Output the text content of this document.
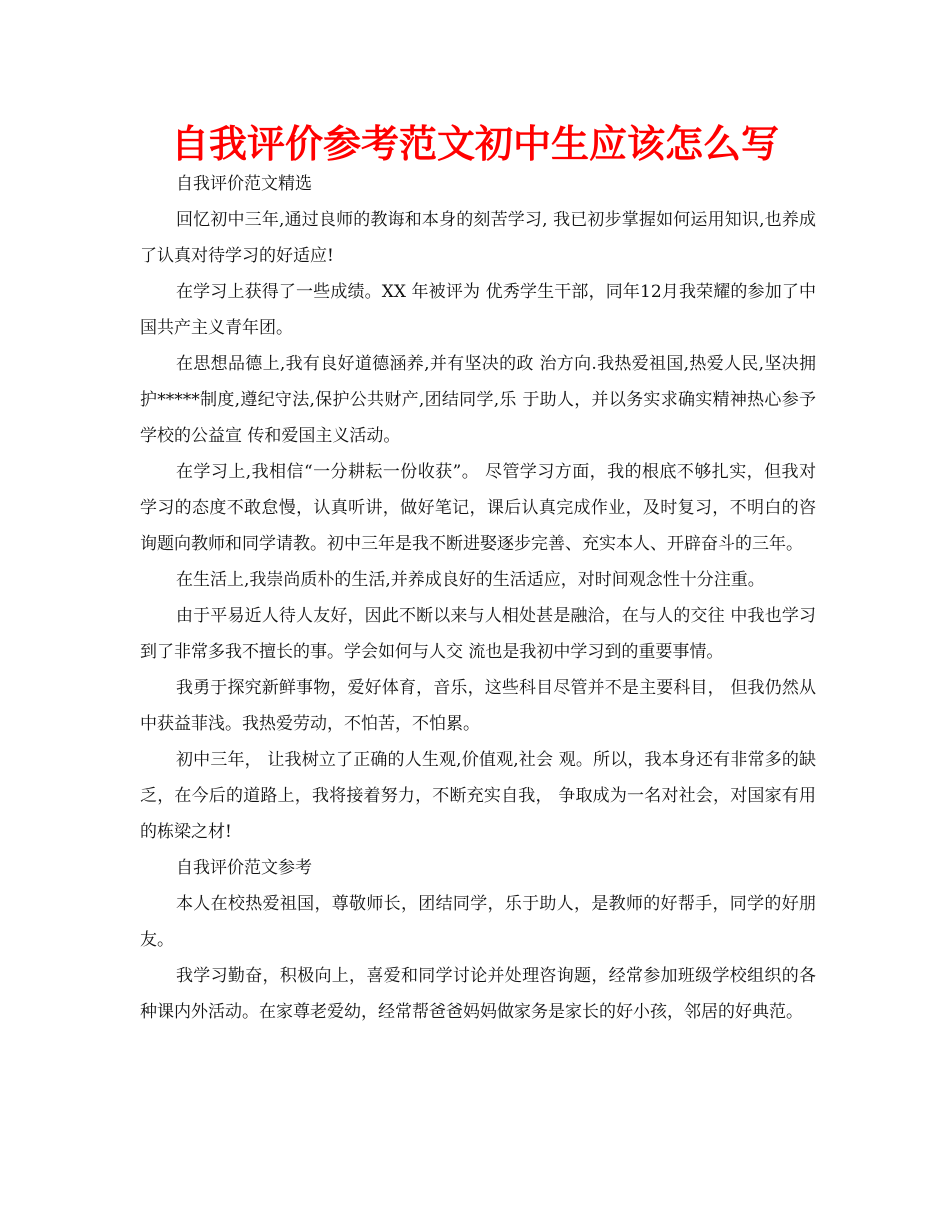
自我评价参考范文初中生应该怎么写

自我评价范文精选

回忆初中三年,通过良师的教诲和本身的刻苦学习, 我已初步掌握如何运用知识,也养成了认真对待学习的好适应!

在学习上获得了一些成绩。XX 年被评为 优秀学生干部，同年12月我荣耀的参加了中国共产主义青年团。

在思想品德上,我有良好道德涵养,并有坚决的政 治方向.我热爱祖国,热爱人民,坚决拥护*****制度,遵纪守法,保护公共财产,团结同学,乐 于助人，并以务实求确实精神热心参予学校的公益宣 传和爱国主义活动。

在学习上,我相信“一分耕耘一份收获”。 尽管学习方面，我的根底不够扎实，但我对学习的态度不敢怠慢，认真听讲，做好笔记，课后认真完成作业，及时复习，不明白的咨询题向教师和同学请教。初中三年是我不断进娶逐步完善、充实本人、开辟奋斗的三年。

在生活上,我崇尚质朴的生活,并养成良好的生活适应，对时间观念性十分注重。

由于平易近人待人友好，因此不断以来与人相处甚是融洽，在与人的交往 中我也学习到了非常多我不擅长的事。学会如何与人交 流也是我初中学习到的重要事情。

我勇于探究新鲜事物，爱好体育，音乐，这些科目尽管并不是主要科目， 但我仍然从中获益菲浅。我热爱劳动，不怕苦，不怕累。

初中三年， 让我树立了正确的人生观,价值观,社会 观。所以，我本身还有非常多的缺乏，在今后的道路上，我将接着努力，不断充实自我， 争取成为一名对社会，对国家有用的栋梁之材!

自我评价范文参考

本人在校热爱祖国，尊敬师长，团结同学，乐于助人，是教师的好帮手，同学的好朋友。

我学习勤奋，积极向上，喜爱和同学讨论并处理咨询题，经常参加班级学校组织的各种课内外活动。在家尊老爱幼，经常帮爸爸妈妈做家务是家长的好小孩，邻居的好典范。
